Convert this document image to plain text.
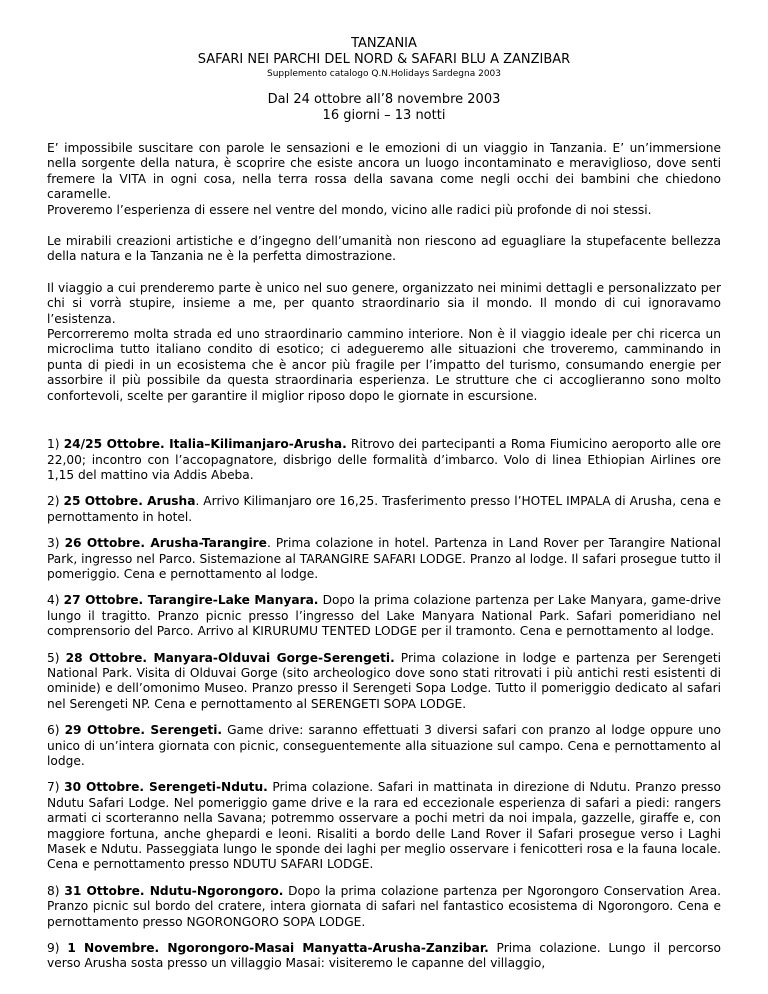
TANZANIA
SAFARI NEI PARCHI DEL NORD & SAFARI BLU A ZANZIBAR
Supplemento catalogo Q.N.Holidays Sardegna 2003
Dal 24 ottobre all’8 novembre 2003
16 giorni – 13 notti

E’ impossibile suscitare con parole le sensazioni e le emozioni di un viaggio in Tanzania. E’ un’immersione nella sorgente della natura, è scoprire che esiste ancora un luogo incontaminato e meraviglioso, dove senti fremere la VITA in ogni cosa, nella terra rossa della savana come negli occhi dei bambini che chiedono caramelle.

Proveremo l’esperienza di essere nel ventre del mondo, vicino alle radici più profonde di noi stessi.

Le mirabili creazioni artistiche e d’ingegno dell’umanità non riescono ad eguagliare la stupefacente bellezza della natura e la Tanzania ne è la perfetta dimostrazione.

Il viaggio a cui prenderemo parte è unico nel suo genere, organizzato nei minimi dettagli e personalizzato per chi si vorrà stupire, insieme a me, per quanto straordinario sia il mondo. Il mondo di cui ignoravamo l’esistenza.

Percorreremo molta strada ed uno straordinario cammino interiore. Non è il viaggio ideale per chi ricerca un microclima tutto italiano condito di esotico; ci adegueremo alle situazioni che troveremo, camminando in punta di piedi in un ecosistema che è ancor più fragile per l’impatto del turismo, consumando energie per assorbire il più possibile da questa straordinaria esperienza. Le strutture che ci accoglieranno sono molto confortevoli, scelte per garantire il miglior riposo dopo le giornate in escursione.

1) 24/25 Ottobre. Italia–Kilimanjaro-Arusha. Ritrovo dei partecipanti a Roma Fiumicino aeroporto alle ore 22,00; incontro con l’accopagnatore, disbrigo delle formalità d’imbarco. Volo di linea Ethiopian Airlines ore 1,15 del mattino via Addis Abeba.

2) 25 Ottobre. Arusha. Arrivo Kilimanjaro ore 16,25. Trasferimento presso l’HOTEL IMPALA di Arusha, cena e pernottamento in hotel.

3) 26 Ottobre. Arusha-Tarangire. Prima colazione in hotel. Partenza in Land Rover per Tarangire National Park, ingresso nel Parco. Sistemazione al TARANGIRE SAFARI LODGE. Pranzo al lodge. Il safari prosegue tutto il pomeriggio. Cena e pernottamento al lodge.

4) 27 Ottobre. Tarangire-Lake Manyara. Dopo la prima colazione partenza per Lake Manyara, game-drive lungo il tragitto. Pranzo picnic presso l’ingresso del Lake Manyara National Park. Safari pomeridiano nel comprensorio del Parco. Arrivo al KIRURUMU TENTED LODGE per il tramonto. Cena e pernottamento al lodge.

5) 28 Ottobre. Manyara-Olduvai Gorge-Serengeti. Prima colazione in lodge e partenza per Serengeti National Park. Visita di Olduvai Gorge (sito archeologico dove sono stati ritrovati i più antichi resti esistenti di ominide) e dell’omonimo Museo. Pranzo presso il Serengeti Sopa Lodge. Tutto il pomeriggio dedicato al safari nel Serengeti NP. Cena e pernottamento al SERENGETI SOPA LODGE.

6) 29 Ottobre. Serengeti. Game drive: saranno effettuati 3 diversi safari con pranzo al lodge oppure uno unico di un’intera giornata con picnic, conseguentemente alla situazione sul campo. Cena e pernottamento al lodge.

7) 30 Ottobre. Serengeti-Ndutu. Prima colazione. Safari in mattinata in direzione di Ndutu. Pranzo presso Ndutu Safari Lodge. Nel pomeriggio game drive e la rara ed eccezionale esperienza di safari a piedi: rangers armati ci scorteranno nella Savana; potremmo osservare a pochi metri da noi impala, gazzelle, giraffe e, con maggiore fortuna, anche ghepardi e leoni. Risaliti a bordo delle Land Rover il Safari prosegue verso i Laghi Masek e Ndutu. Passeggiata lungo le sponde dei laghi per meglio osservare i fenicotteri rosa e la fauna locale. Cena e pernottamento presso NDUTU SAFARI LODGE.

8) 31 Ottobre. Ndutu-Ngorongoro. Dopo la prima colazione partenza per Ngorongoro Conservation Area. Pranzo picnic sul bordo del cratere, intera giornata di safari nel fantastico ecosistema di Ngorongoro. Cena e pernottamento presso NGORONGORO SOPA LODGE.

9) 1 Novembre. Ngorongoro-Masai Manyatta-Arusha-Zanzibar. Prima colazione. Lungo il percorso verso Arusha sosta presso un villaggio Masai: visiteremo le capanne del villaggio,
